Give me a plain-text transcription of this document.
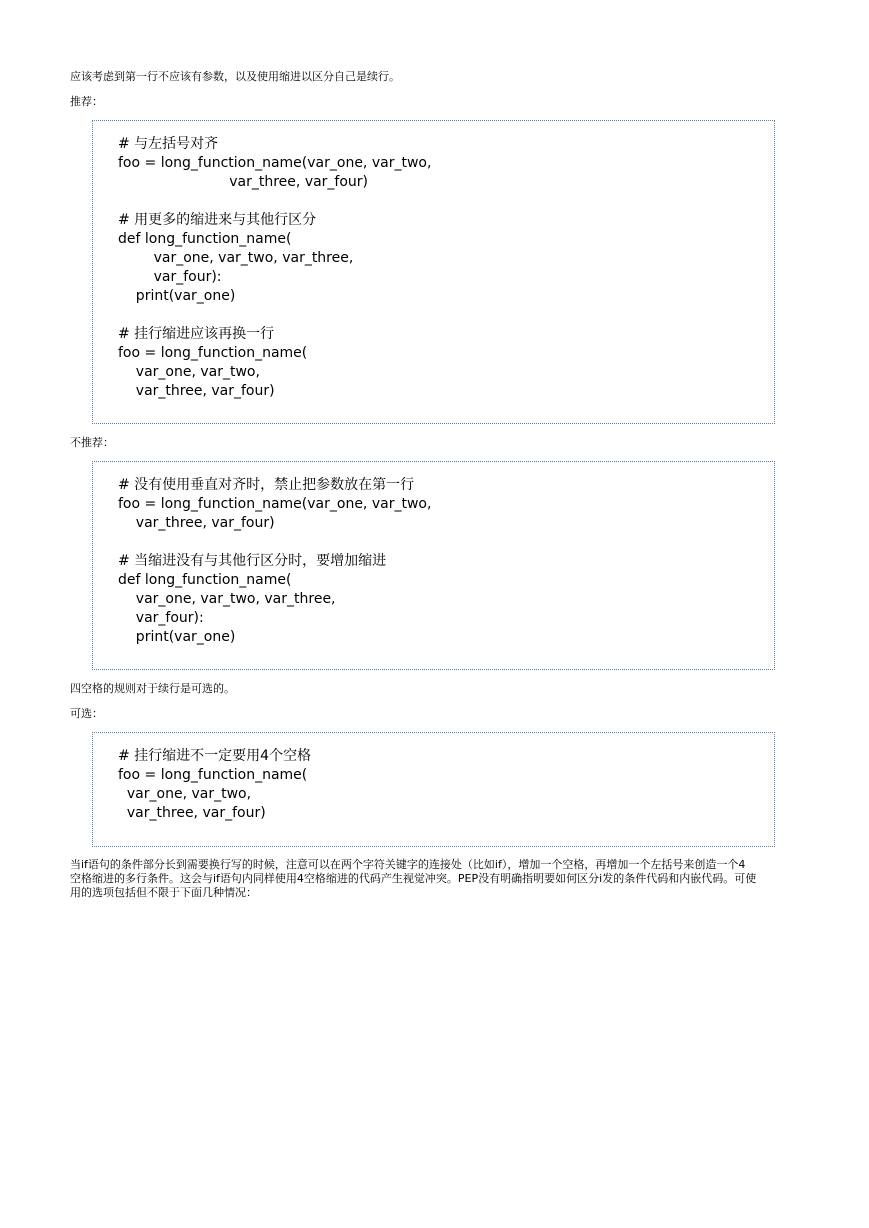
应该考虑到第一行不应该有参数，以及使用缩进以区分自己是续行。
推荐：
# 与左括号对齐
foo = long_function_name(var_one, var_two,
var_three, var_four)
# 用更多的缩进来与其他行区分
def long_function_name(
var_one, var_two, var_three,
var_four):
print(var_one)
# 挂行缩进应该再换一行
foo = long_function_name(
var_one, var_two,
var_three, var_four)
不推荐：
# 没有使用垂直对齐时，禁止把参数放在第一行
foo = long_function_name(var_one, var_two,
var_three, var_four)
# 当缩进没有与其他行区分时，要增加缩进
def long_function_name(
var_one, var_two, var_three,
var_four):
print(var_one)
四空格的规则对于续行是可选的。
可选：
# 挂行缩进不一定要用4个空格
foo = long_function_name(
var_one, var_two,
var_three, var_four)
当if语句的条件部分长到需要换行写的时候，注意可以在两个字符关键字的连接处（比如if），增加一个空格，再增加一个左括号来创造一个4
空格缩进的多行条件。这会与if语句内同样使用4空格缩进的代码产生视觉冲突。PEP没有明确指明要如何区分i发的条件代码和内嵌代码。可使
用的选项包括但不限于下面几种情况：
